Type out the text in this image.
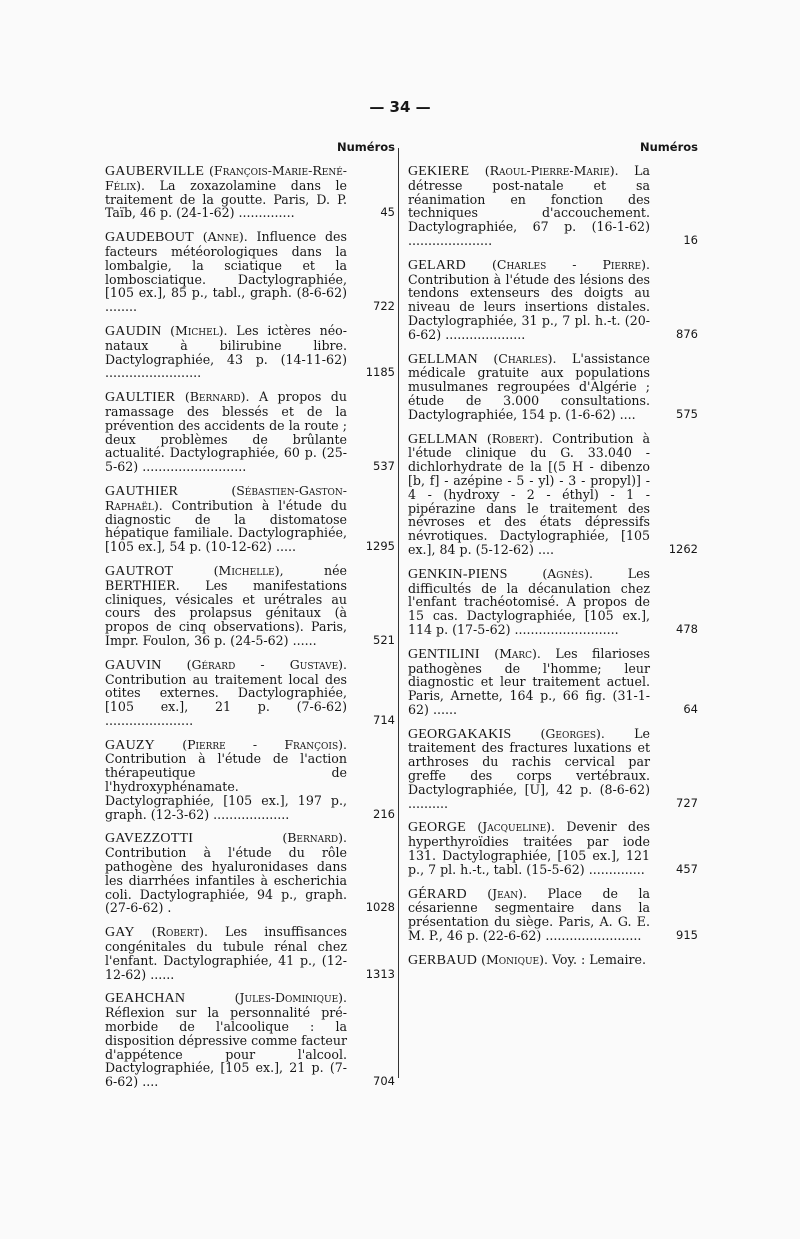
— 34 —
Numéros
GAUBERVILLE (François-Marie-René-Félix). La zoxazolamine dans le traitement de la goutte. Paris, D. P. Taïb, 46 p. (24-1-62) ..............	45
GAUDEBOUT (Anne). Influence des facteurs météorologiques dans la lombalgie, la sciatique et la lombosciatique. Dactylographiée, [105 ex.], 85 p., tabl., graph. (8-6-62) ........	722
GAUDIN (Michel). Les ictères néo-nataux à bilirubine libre. Dactylographiée, 43 p. (14-11-62) ........................	1185
GAULTIER (Bernard). A propos du ramassage des blessés et de la prévention des accidents de la route ; deux problèmes de brûlante actualité. Dactylographiée, 60 p. (25-5-62) ..........................	537
GAUTHIER	(Sébastien-Gaston-Raphaël). Contribution à l'étude du diagnostic de la distomatose hépatique familiale. Dactylographiée, [105 ex.], 54 p. (10-12-62) .....	1295
GAUTROT	(Michelle),	née BERTHIER. Les manifestations cliniques, vésicales et urétrales au cours des prolapsus génitaux (à propos de cinq observations). Paris, Impr. Foulon, 36 p. (24-5-62) ......	521
GAUVIN (Gérard - Gustave). Contribution au traitement local des otites externes. Dactylographiée, [105 ex.], 21 p. (7-6-62) ......................	714
GAUZY (Pierre - François). Contribution à l'étude de l'action thérapeutique de l'hydroxyphénamate. Dactylographiée, [105 ex.], 197 p., graph. (12-3-62) ...................	216
GAVEZZOTTI	(Bernard). Contribution à l'étude du rôle pathogène des hyaluronidases dans les diarrhées infantiles à escherichia coli. Dactylographiée, 94 p., graph. (27-6-62) .	1028
GAY (Robert). Les insuffisances congénitales du tubule rénal chez l'enfant. Dactylographiée, 41 p., (12-12-62) ......	1313
GEAHCHAN	(Jules-Dominique). Réflexion sur la personnalité pré-morbide de l'alcoolique : la disposition dépressive comme facteur d'appétence pour l'alcool. Dactylographiée, [105 ex.], 21 p. (7-6-62) ....	704
Numéros
GEKIERE (Raoul-Pierre-Marie). La détresse post-natale et sa réanimation en fonction des techniques d'accouchement. Dactylographiée, 67 p. (16-1-62) .....................	16
GELARD (Charles - Pierre). Contribution à l'étude des lésions des tendons extenseurs des doigts au niveau de leurs insertions distales. Dactylographiée, 31 p., 7 pl. h.-t. (20-6-62) ....................	876
GELLMAN (Charles). L'assistance médicale gratuite aux populations musulmanes regroupées d'Algérie ; étude de 3.000 consultations. Dactylographiée, 154 p. (1-6-62) ....	575
GELLMAN (Robert). Contribution à l'étude clinique du G. 33.040 - dichlorhydrate de la [(5 H - dibenzo [b, f] - azépine - 5 - yl) - 3 - propyl)] - 4 - (hydroxy - 2 - éthyl) - 1 - pipérazine dans le traitement des névroses et des états dépressifs névrotiques. Dactylographiée, [105 ex.], 84 p. (5-12-62) ....	1262
GENKIN-PIENS	(Agnès).	Les difficultés de la décanulation chez l'enfant trachéotomisé. A propos de 15 cas. Dactylographiée, [105 ex.], 114 p. (17-5-62) ..........................	478
GENTILINI (Marc). Les filarioses pathogènes de l'homme; leur diagnostic et leur traitement actuel. Paris, Arnette, 164 p., 66 fig. (31-1-62) ......	64
GEORGAKAKIS (Georges). Le traitement des fractures luxations et arthroses du rachis cervical par greffe des corps vertébraux. Dactylographiée, [U], 42 p. (8-6-62) ..........	727
GEORGE (Jacqueline). Devenir des hyperthyroïdies traitées par iode 131. Dactylographiée, [105 ex.], 121 p., 7 pl. h.-t., tabl. (15-5-62) ..............	457
GÉRARD (Jean). Place de la césarienne segmentaire dans la présentation du siège. Paris, A. G. E. M. P., 46 p. (22-6-62) ........................	915
GERBAUD (Monique). Voy. : Lemaire.
